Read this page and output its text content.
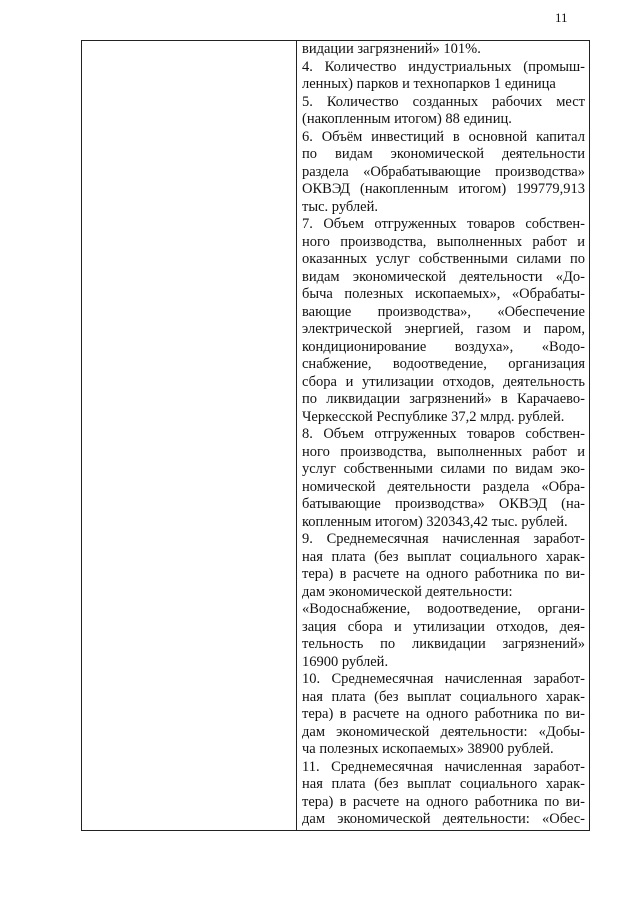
11
видации загрязнений» 101%.
4. Количество индустриальных (промыш-
ленных) парков и технопарков 1 единица
5. Количество созданных рабочих мест
(накопленным итогом) 88 единиц.
6. Объём инвестиций в основной капитал
по видам экономической деятельности
раздела «Обрабатывающие производства»
ОКВЭД (накопленным итогом) 199779,913
тыс. рублей.
7. Объем отгруженных товаров собствен-
ного производства, выполненных работ и
оказанных услуг собственными силами по
видам экономической деятельности «До-
быча полезных ископаемых», «Обрабаты-
вающие производства», «Обеспечение
электрической энергией, газом и паром,
кондиционирование воздуха», «Водо-
снабжение, водоотведение, организация
сбора и утилизации отходов, деятельность
по ликвидации загрязнений» в Карачаево-
Черкесской Республике 37,2 млрд. рублей.
8. Объем отгруженных товаров собствен-
ного производства, выполненных работ и
услуг собственными силами по видам эко-
номической деятельности раздела «Обра-
батывающие производства» ОКВЭД (на-
копленным итогом) 320343,42 тыс. рублей.
9. Среднемесячная начисленная заработ-
ная плата (без выплат социального харак-
тера) в расчете на одного работника по ви-
дам экономической деятельности:
«Водоснабжение, водоотведение, органи-
зация сбора и утилизации отходов, дея-
тельность по ликвидации загрязнений»
16900 рублей.
10. Среднемесячная начисленная заработ-
ная плата (без выплат социального харак-
тера) в расчете на одного работника по ви-
дам экономической деятельности: «Добы-
ча полезных ископаемых» 38900 рублей.
11. Среднемесячная начисленная заработ-
ная плата (без выплат социального харак-
тера) в расчете на одного работника по ви-
дам экономической деятельности: «Обес-
